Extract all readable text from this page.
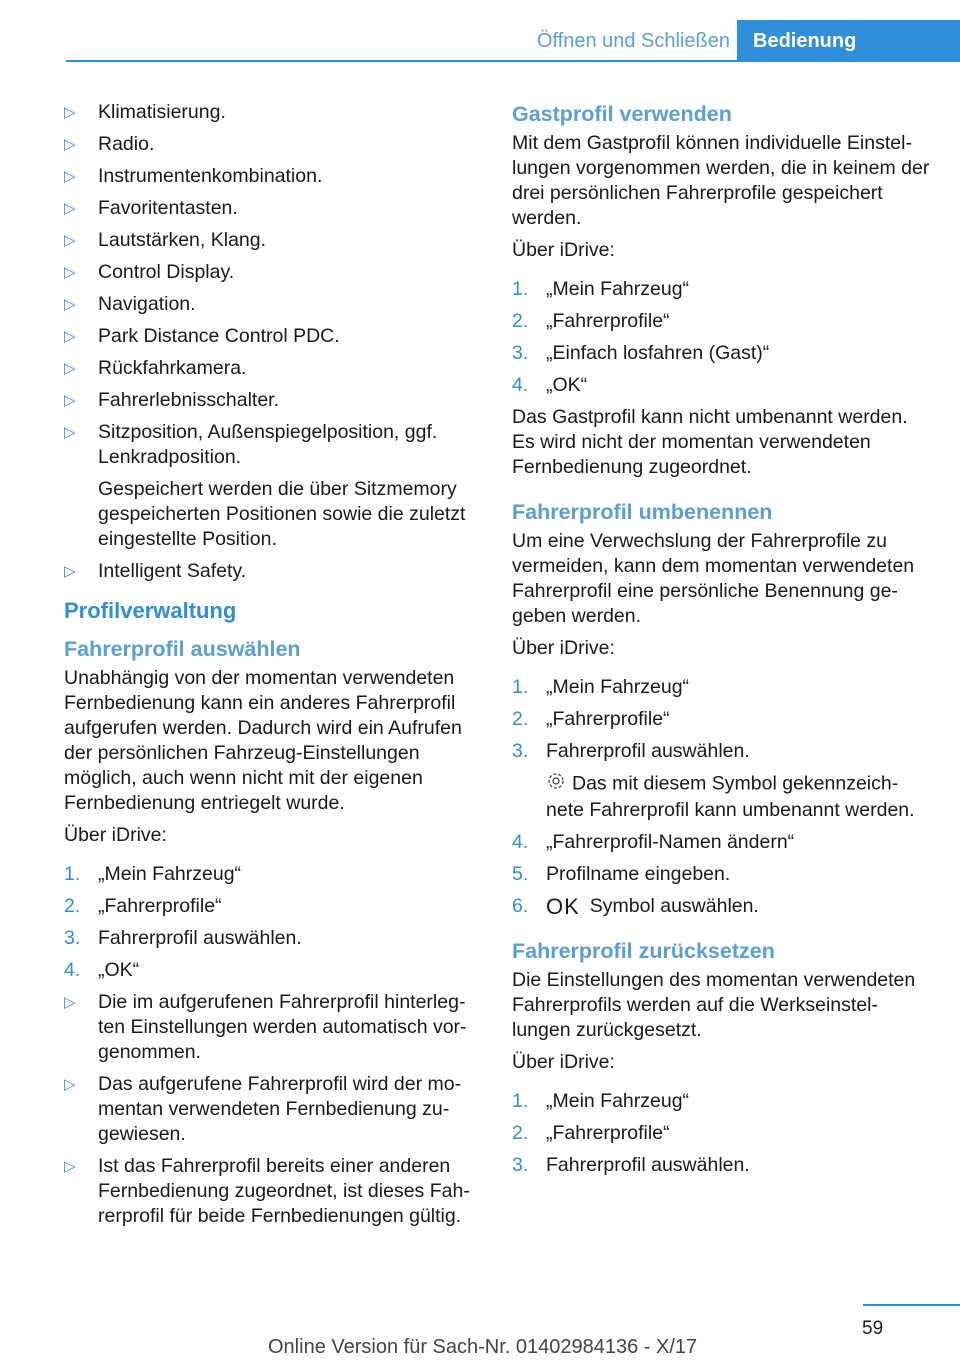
Öffnen und Schließen	Bedienung
▷ Klimatisierung.
▷ Radio.
▷ Instrumentenkombination.
▷ Favoritentasten.
▷ Lautstärken, Klang.
▷ Control Display.
▷ Navigation.
▷ Park Distance Control PDC.
▷ Rückfahrkamera.
▷ Fahrerlebnisschalter.
▷ Sitzposition, Außenspiegelposition, ggf. Lenkradposition.
Gespeichert werden die über Sitzmemory gespeicherten Positionen sowie die zuletzt eingestellte Position.
▷ Intelligent Safety.
Profilverwaltung
Fahrerprofil auswählen
Unabhängig von der momentan verwendeten Fernbedienung kann ein anderes Fahrerprofil aufgerufen werden. Dadurch wird ein Aufrufen der persönlichen Fahrzeug-Einstellungen möglich, auch wenn nicht mit der eigenen Fernbedienung entriegelt wurde.
Über iDrive:
1. „Mein Fahrzeug“
2. „Fahrerprofile“
3. Fahrerprofil auswählen.
4. „OK“
▷ Die im aufgerufenen Fahrerprofil hinterleg‐ ten Einstellungen werden automatisch vor‐ genommen.
▷ Das aufgerufene Fahrerprofil wird der mo‐ mentan verwendeten Fernbedienung zu‐ gewiesen.
▷ Ist das Fahrerprofil bereits einer anderen Fernbedienung zugeordnet, ist dieses Fah‐ rerprofil für beide Fernbedienungen gültig.
Gastprofil verwenden
Mit dem Gastprofil können individuelle Einstel‐ lungen vorgenommen werden, die in keinem der drei persönlichen Fahrerprofile gespeichert werden.
Über iDrive:
1. „Mein Fahrzeug“
2. „Fahrerprofile“
3. „Einfach losfahren (Gast)“
4. „OK“
Das Gastprofil kann nicht umbenannt werden. Es wird nicht der momentan verwendeten Fernbedienung zugeordnet.
Fahrerprofil umbenennen
Um eine Verwechslung der Fahrerprofile zu vermeiden, kann dem momentan verwendeten Fahrerprofil eine persönliche Benennung ge‐ geben werden.
Über iDrive:
1. „Mein Fahrzeug“
2. „Fahrerprofile“
3. Fahrerprofil auswählen.
Das mit diesem Symbol gekennzeich‐ nete Fahrerprofil kann umbenannt werden.
4. „Fahrerprofil-Namen ändern“
5. Profilname eingeben.
6. OK Symbol auswählen.
Fahrerprofil zurücksetzen
Die Einstellungen des momentan verwendeten Fahrerprofils werden auf die Werkseinstel‐ lungen zurückgesetzt.
Über iDrive:
1. „Mein Fahrzeug“
2. „Fahrerprofile“
3. Fahrerprofil auswählen.
59
Online Version für Sach-Nr. 01402984136 - X/17
